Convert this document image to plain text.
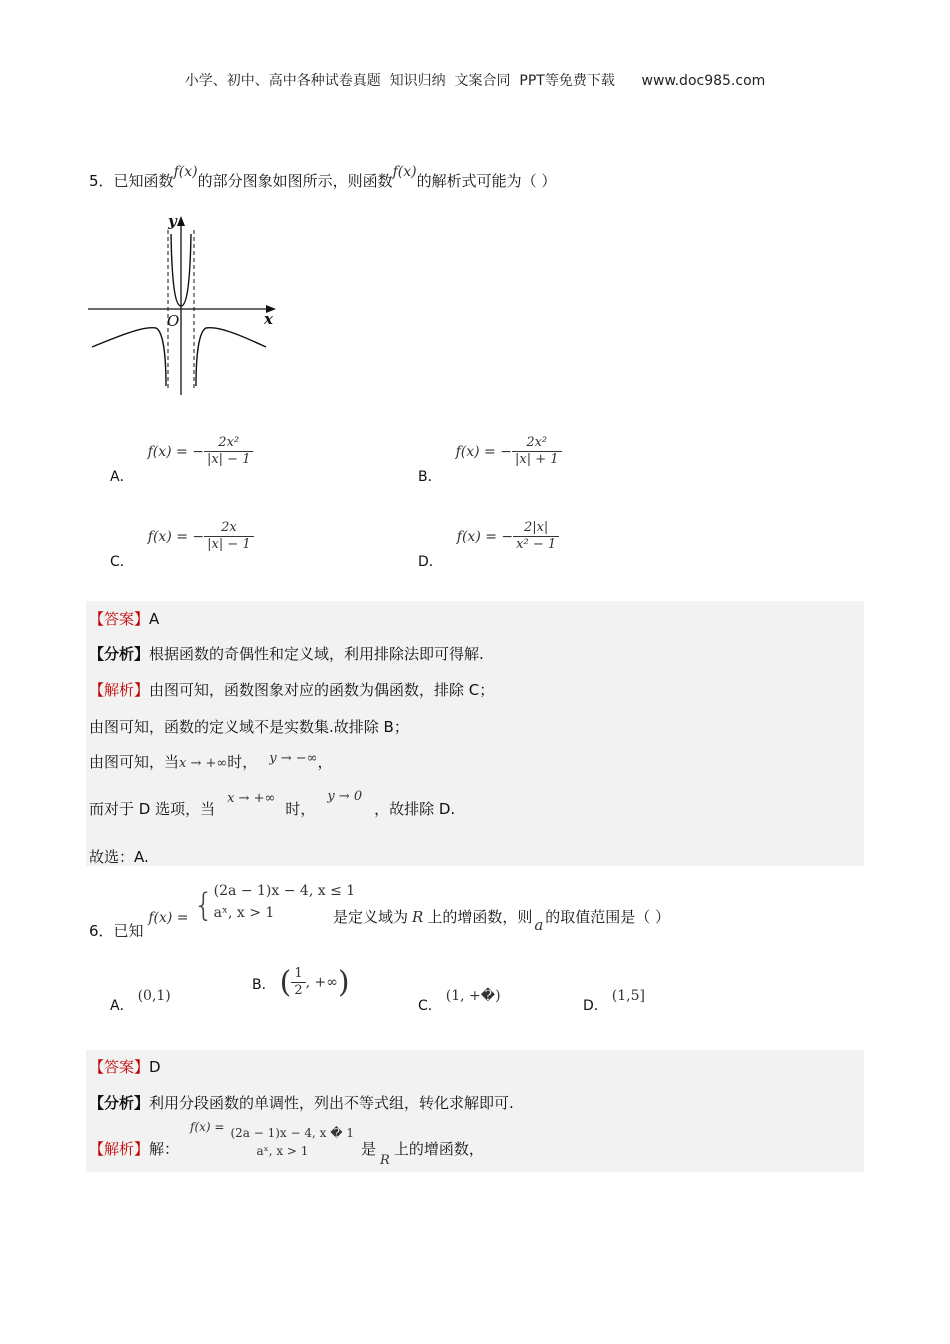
小学、初中、高中各种试卷真题  知识归纳  文案合同  PPT等免费下载      www.doc985.com
5．已知函数f(x)的部分图象如图所示，则函数f(x)的解析式可能为（ ）
y
x
O
A．f(x) = − $\frac{\text{2x²}}{|x| - 1}$
B．f(x) = − $\frac{\text{2x²}}{|x| + 1}$
C．f(x) = − $\frac{2x}{|x| - 1}$
D．f(x) = − $\frac{2|x|}{\text{x² − 1}}$
【答案】A
【分析】根据函数的奇偶性和定义域，利用排除法即可得解.
【解析】由图可知，函数图象对应的函数为偶函数，排除 C；
由图可知，函数的定义域不是实数集.故排除 B；
由图可知，当x → +∞时， y → −∞，
而对于 D 选项，当x → +∞时，y → 0，故排除 D.
故选：A.
6．已知 f(x) = { (2a − 1)x − 4, x ≤ 1
aˣ, x > 1	是定义域为 R 上的增函数，则 a 的取值范围是（ ）
A．(0,1)
B． ( $\frac{1}{2}$ , +∞)
C．(1, +�)
D．(1,5]
【答案】D
【分析】利用分段函数的单调性，列出不等式组，转化求解即可.
【解析】解：
$^{f(x) =}$ (2a − 1)x − 4, x � 1
aˣ, x > 1	是R上的增函数，
